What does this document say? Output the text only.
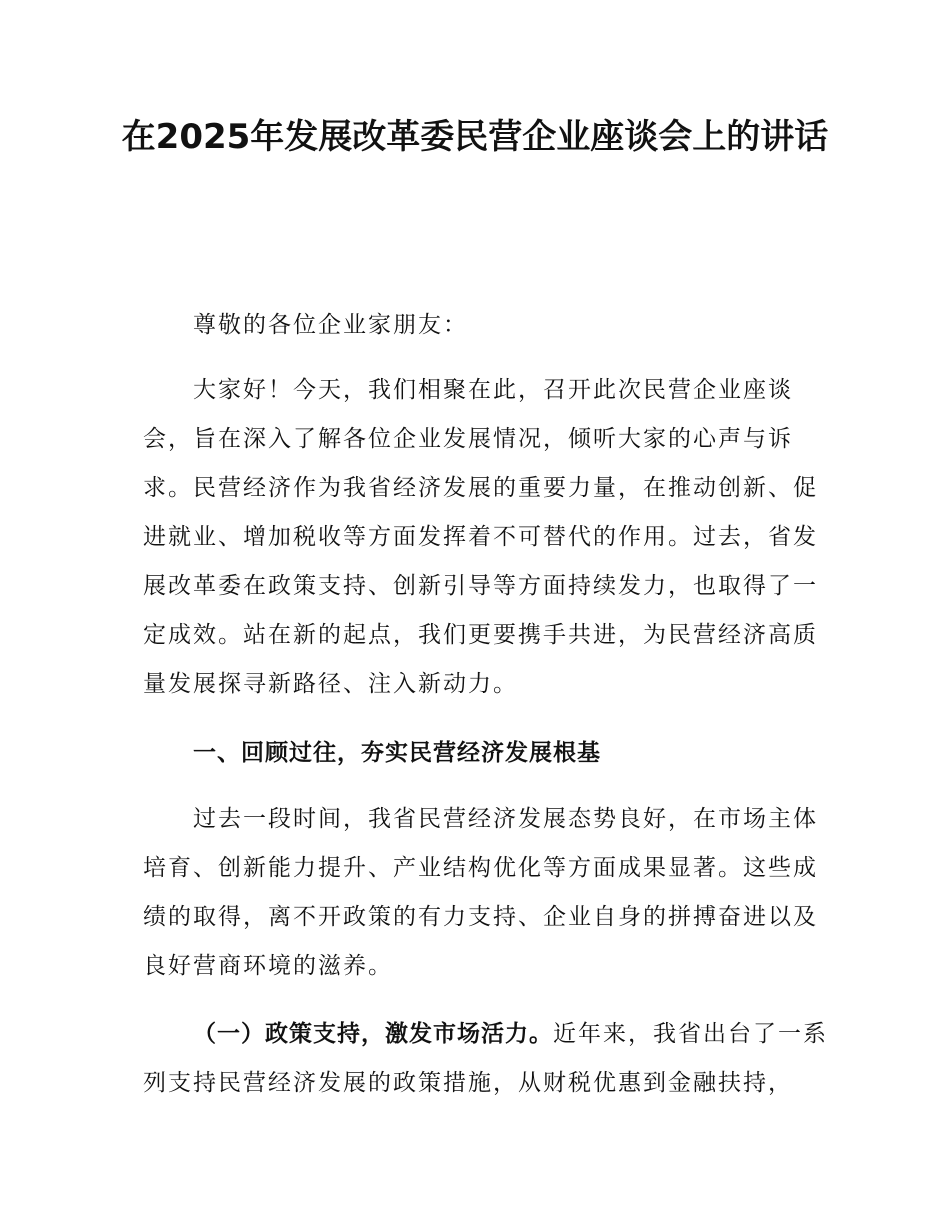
在2025年发展改革委民营企业座谈会上的讲话

尊敬的各位企业家朋友：

大家好！今天，我们相聚在此，召开此次民营企业座谈会，旨在深入了解各位企业发展情况，倾听大家的心声与诉求。民营经济作为我省经济发展的重要力量，在推动创新、促进就业、增加税收等方面发挥着不可替代的作用。过去，省发展改革委在政策支持、创新引导等方面持续发力，也取得了一定成效。站在新的起点，我们更要携手共进，为民营经济高质量发展探寻新路径、注入新动力。

一、回顾过往，夯实民营经济发展根基

过去一段时间，我省民营经济发展态势良好，在市场主体培育、创新能力提升、产业结构优化等方面成果显著。这些成绩的取得，离不开政策的有力支持、企业自身的拼搏奋进以及良好营商环境的滋养。

（一）政策支持，激发市场活力。近年来，我省出台了一系列支持民营经济发展的政策措施，从财税优惠到金融扶持，
